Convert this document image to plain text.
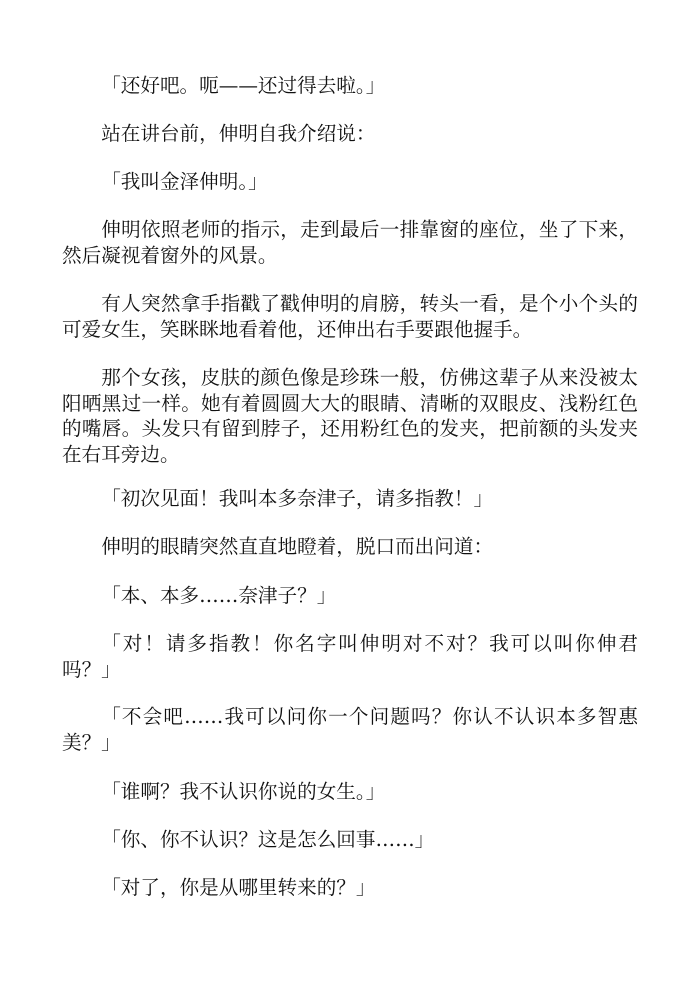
「还好吧。呃——还过得去啦。」

站在讲台前，伸明自我介绍说：

「我叫金泽伸明。」

伸明依照老师的指示，走到最后一排靠窗的座位，坐了下来，然后凝视着窗外的风景。

有人突然拿手指戳了戳伸明的肩膀，转头一看，是个小个头的可爱女生，笑眯眯地看着他，还伸出右手要跟他握手。

那个女孩，皮肤的颜色像是珍珠一般，仿佛这辈子从来没被太阳晒黑过一样。她有着圆圆大大的眼睛、清晰的双眼皮、浅粉红色的嘴唇。头发只有留到脖子，还用粉红色的发夹，把前额的头发夹在右耳旁边。

「初次见面！我叫本多奈津子，请多指教！」

伸明的眼睛突然直直地瞪着，脱口而出问道：

「本、本多……奈津子？」

「对！请多指教！你名字叫伸明对不对？我可以叫你伸君吗？」

「不会吧……我可以问你一个问题吗？你认不认识本多智惠美？」

「谁啊？我不认识你说的女生。」

「你、你不认识？这是怎么回事……」

「对了，你是从哪里转来的？」
